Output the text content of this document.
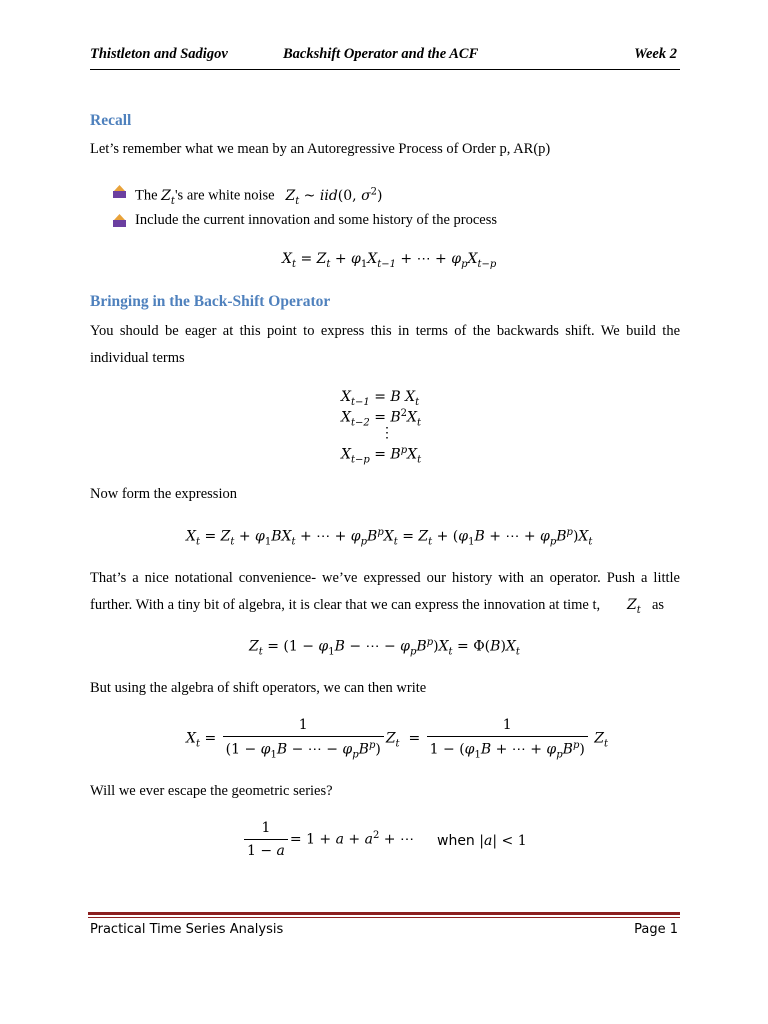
Thistleton and Sadigov	Backshift Operator and the ACF	Week 2
Recall
Let’s remember what we mean by an Autoregressive Process of Order p, AR(p)
The $Z_t's$ are white noise   $Z_t$ ~ iid(0, $\sigma^2$)
Include the current innovation and some history of the process
$X_t = Z_t + \varphi_1X_{t-1}$ + ⋯ + $\varphi_pX_{t-p}$
Bringing in the Back-Shift Operator
You should be eager at this point to express this in terms of the backwards shift. We build the individual terms
$X_{t-1} = B$ $X_t$
$X_{t-2} = B^2X_t$
⋮
$X_{t-p} = B^pX_t$
Now form the expression
$X_t = Z_t + \varphi_1BX_t$ + ⋯ + $\varphi_pB^pX_t = Z_t + (\varphi_1B$ + ⋯ + $\varphi_pB^p)X_t$
That’s a nice notational convenience- we’ve expressed our history with an operator. Push a little further. With a tiny bit of algebra, it is clear that we can express the innovation at time t,	$Z_t$ as
$Z_t = (1 - \varphi_1B$ − ⋯ − $\varphi_pB^p)X_t = \Phi(B)X_t$
But using the algebra of shift operators, we can then write
$X_t = \frac{1}{(1 - \varphi_1B - \cdots - \varphi_pB^p)} Z_t = \frac{1}{1 - (\varphi_1B + \cdots + \varphi_pB^p)} Z_t$
Will we ever escape the geometric series?
$\frac{1}{1 - a} = 1 + a + a^2$ + ⋯ when |a| < 1
Practical Time Series Analysis	Page 1
